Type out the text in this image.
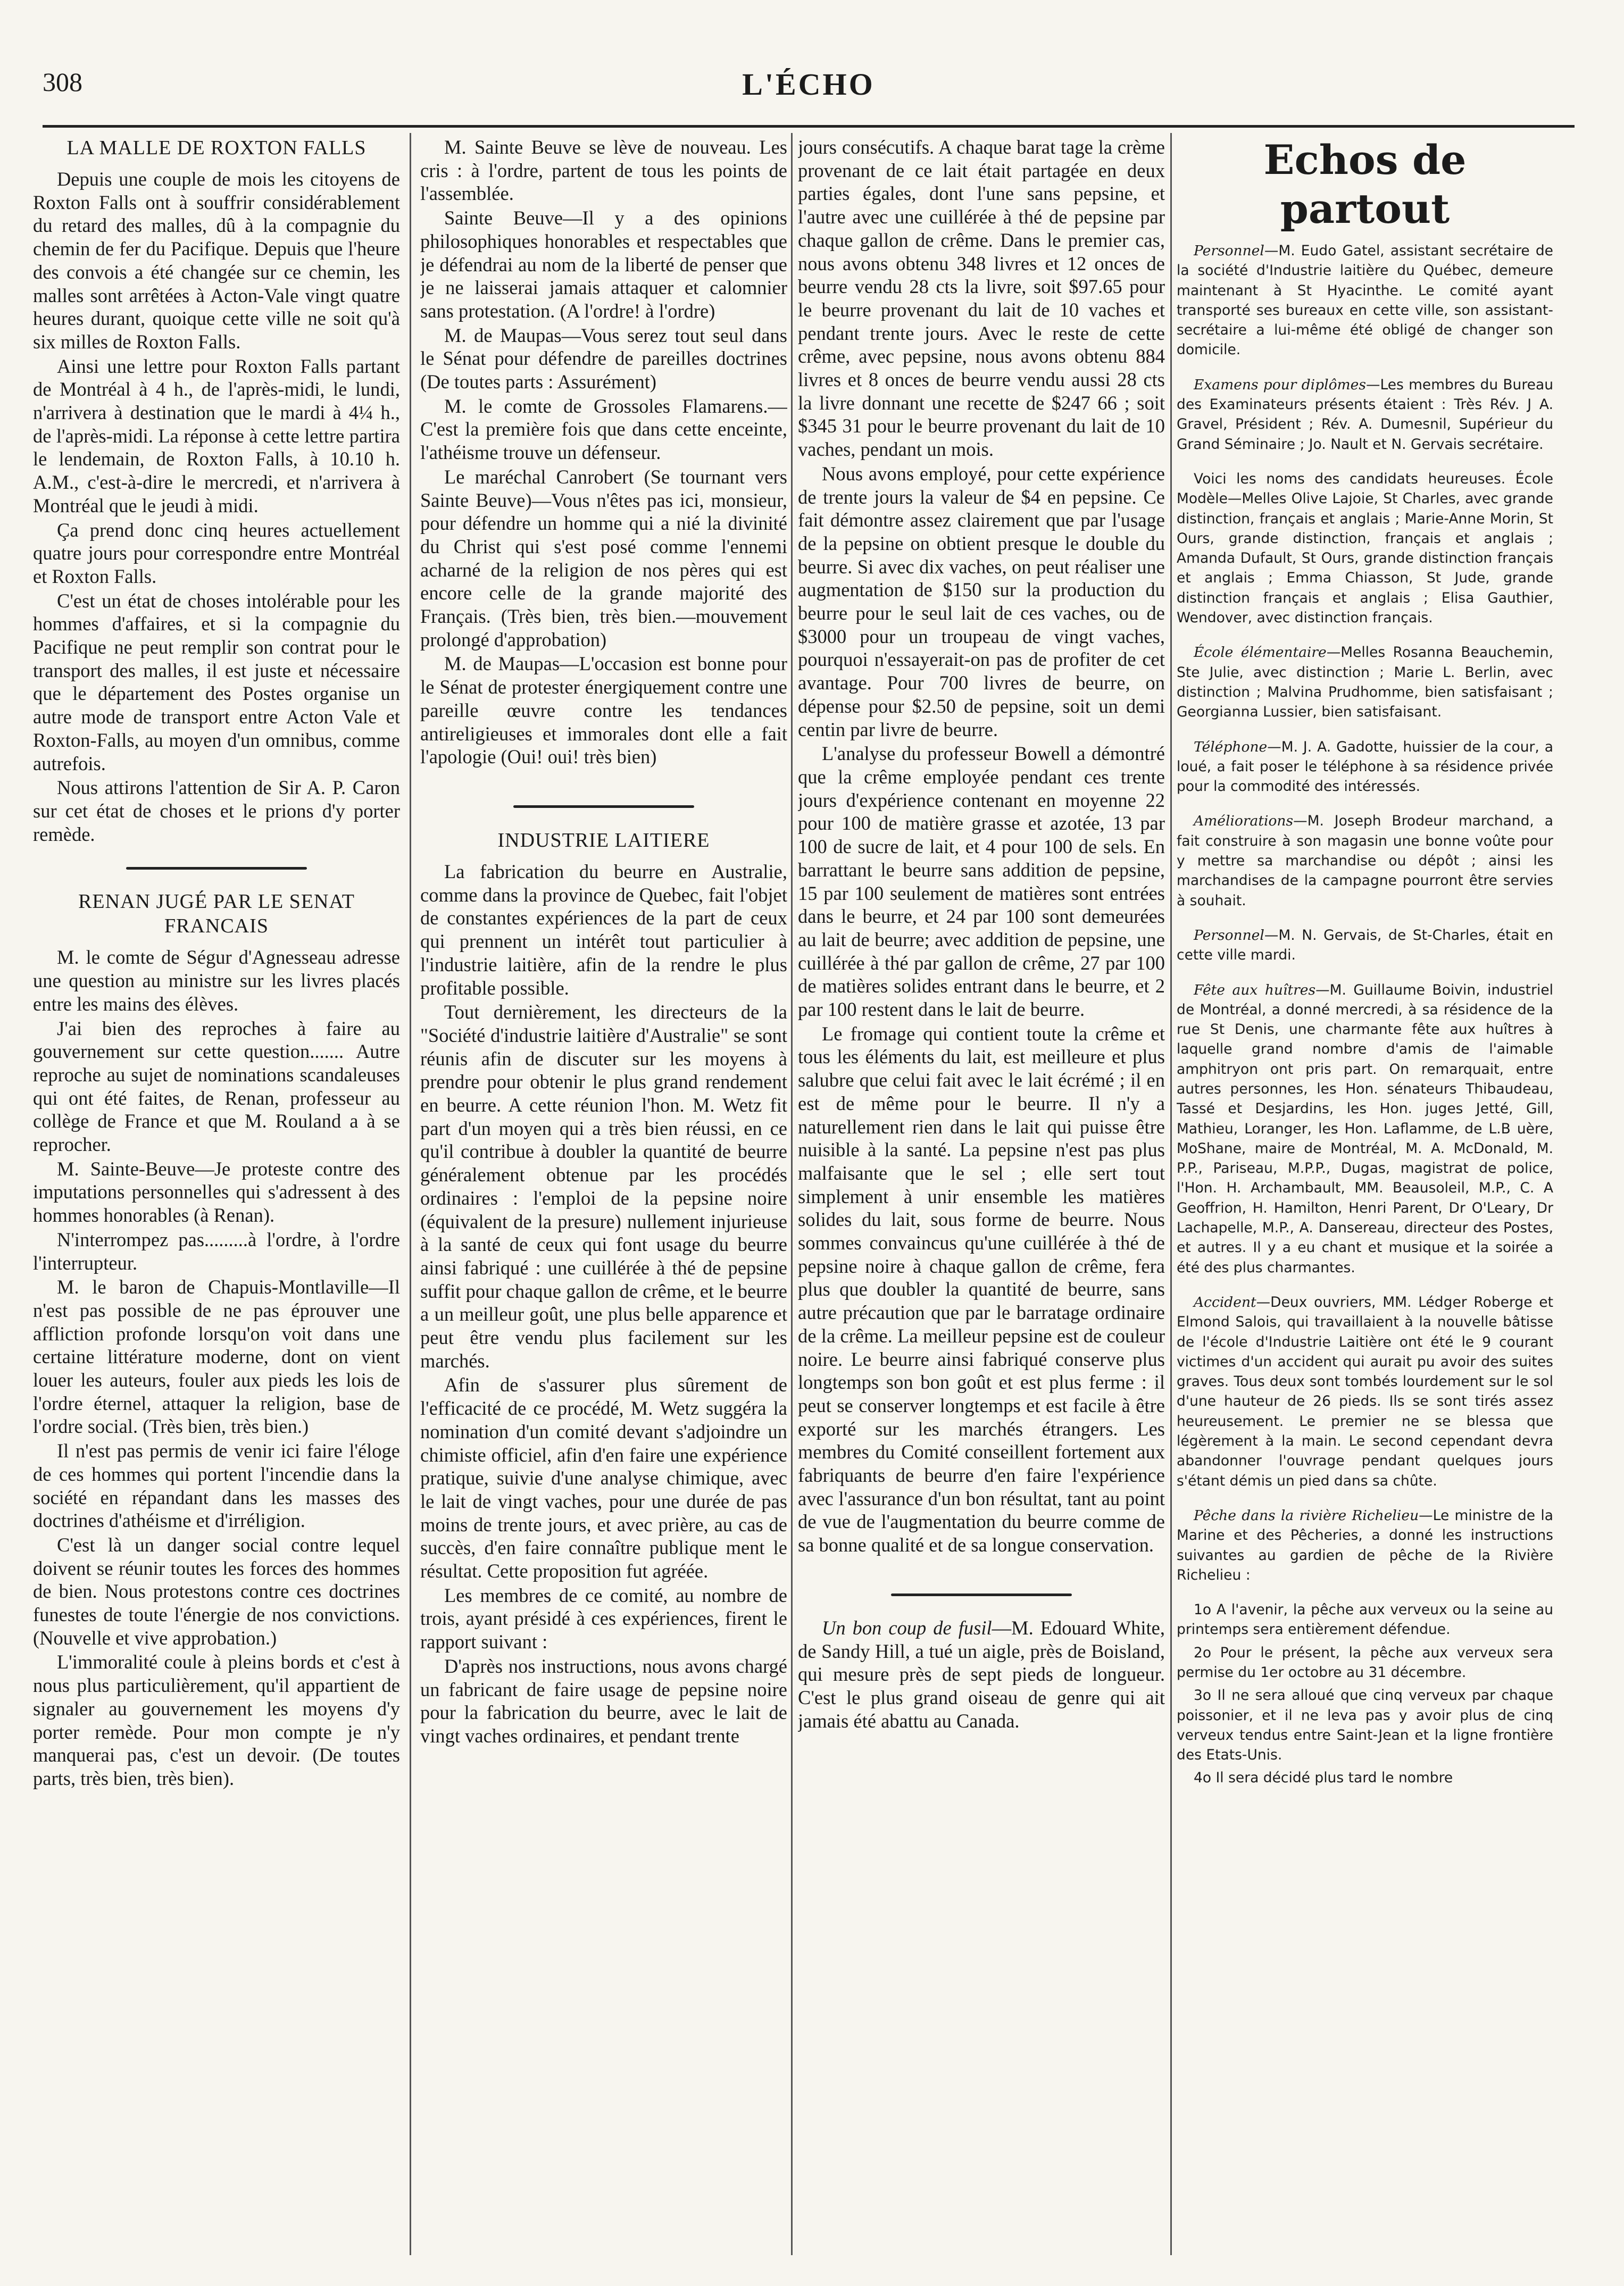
308	L'ÉCHO
LA MALLE DE ROXTON FALLS

Depuis une couple de mois les citoyens de Roxton Falls ont à souffrir considérablement du retard des malles, dû à la compagnie du chemin de fer du Pacifique. Depuis que l'heure des convois a été changée sur ce chemin, les malles sont arrêtées à Acton-Vale vingt quatre heures durant, quoique cette ville ne soit qu'à six milles de Roxton Falls.

Ainsi une lettre pour Roxton Falls partant de Montréal à 4 h., de l'après-midi, le lundi, n'arrivera à destination que le mardi à 4¼ h., de l'après-midi. La réponse à cette lettre partira le lendemain, de Roxton Falls, à 10.10 h. A.M., c'est-à-dire le mercredi, et n'arrivera à Montréal que le jeudi à midi.

Ça prend donc cinq heures actuellement quatre jours pour correspondre entre Montréal et Roxton Falls.

C'est un état de choses intolérable pour les hommes d'affaires, et si la compagnie du Pacifique ne peut remplir son contrat pour le transport des malles, il est juste et nécessaire que le département des Postes organise un autre mode de transport entre Acton Vale et Roxton-Falls, au moyen d'un omnibus, comme autrefois.

Nous attirons l'attention de Sir A. P. Caron sur cet état de choses et le prions d'y porter remède.

RENAN JUGÉ PAR LE SENAT FRANCAIS

M. le comte de Ségur d'Agnesseau adresse une question au ministre sur les livres placés entre les mains des élèves.

J'ai bien des reproches à faire au gouvernement sur cette question....... Autre reproche au sujet de nominations scandaleuses qui ont été faites, de Renan, professeur au collège de France et que M. Rouland a à se reprocher.

M. Sainte-Beuve—Je proteste contre des imputations personnelles qui s'adressent à des hommes honorables (à Renan).

N'interrompez pas.........à l'ordre, à l'ordre l'interrupteur.

M. le baron de Chapuis-Montlaville—Il n'est pas possible de ne pas éprouver une affliction profonde lorsqu'on voit dans une certaine littérature moderne, dont on vient louer les auteurs, fouler aux pieds les lois de l'ordre éternel, attaquer la religion, base de l'ordre social. (Très bien, très bien.)

Il n'est pas permis de venir ici faire l'éloge de ces hommes qui portent l'incendie dans la société en répandant dans les masses des doctrines d'athéisme et d'irréligion.

C'est là un danger social contre lequel doivent se réunir toutes les forces des hommes de bien. Nous protestons contre ces doctrines funestes de toute l'énergie de nos convictions. (Nouvelle et vive approbation.)

L'immoralité coule à pleins bords et c'est à nous plus particulièrement, qu'il appartient de signaler au gouvernement les moyens d'y porter remède. Pour mon compte je n'y manquerai pas, c'est un devoir. (De toutes parts, très bien, très bien).

M. Sainte Beuve se lève de nouveau. Les cris : à l'ordre, partent de tous les points de l'assemblée.

Sainte Beuve—Il y a des opinions philosophiques honorables et respectables que je défendrai au nom de la liberté de penser que je ne laisserai jamais attaquer et calomnier sans protestation. (A l'ordre! à l'ordre)

M. de Maupas—Vous serez tout seul dans le Sénat pour défendre de pareilles doctrines (De toutes parts : Assurément)

M. le comte de Grossoles Flamarens.—C'est la première fois que dans cette enceinte, l'athéisme trouve un défenseur.

Le maréchal Canrobert (Se tournant vers Sainte Beuve)—Vous n'êtes pas ici, monsieur, pour défendre un homme qui a nié la divinité du Christ qui s'est posé comme l'ennemi acharné de la religion de nos pères qui est encore celle de la grande majorité des Français. (Très bien, très bien.—mouvement prolongé d'approbation)

M. de Maupas—L'occasion est bonne pour le Sénat de protester énergiquement contre une pareille œuvre contre les tendances antireligieuses et immorales dont elle a fait l'apologie (Oui! oui! très bien)

INDUSTRIE LAITIERE

La fabrication du beurre en Australie, comme dans la province de Quebec, fait l'objet de constantes expériences de la part de ceux qui prennent un intérêt tout particulier à l'industrie laitière, afin de la rendre le plus profitable possible.

Tout dernièrement, les directeurs de la "Société d'industrie laitière d'Australie" se sont réunis afin de discuter sur les moyens à prendre pour obtenir le plus grand rendement en beurre. A cette réunion l'hon. M. Wetz fit part d'un moyen qui a très bien réussi, en ce qu'il contribue à doubler la quantité de beurre généralement obtenue par les procédés ordinaires : l'emploi de la pepsine noire (équivalent de la presure) nullement injurieuse à la santé de ceux qui font usage du beurre ainsi fabriqué : une cuillérée à thé de pepsine suffit pour chaque gallon de crême, et le beurre a un meilleur goût, une plus belle apparence et peut être vendu plus facilement sur les marchés.

Afin de s'assurer plus sûrement de l'efficacité de ce procédé, M. Wetz suggéra la nomination d'un comité devant s'adjoindre un chimiste officiel, afin d'en faire une expérience pratique, suivie d'une analyse chimique, avec le lait de vingt vaches, pour une durée de pas moins de trente jours, et avec prière, au cas de succès, d'en faire connaître publique ment le résultat. Cette proposition fut agréée.

Les membres de ce comité, au nombre de trois, ayant présidé à ces expériences, firent le rapport suivant :

D'après nos instructions, nous avons chargé un fabricant de faire usage de pepsine noire pour la fabrication du beurre, avec le lait de vingt vaches ordinaires, et pendant trente

jours consécutifs. A chaque barat tage la crème provenant de ce lait était partagée en deux parties égales, dont l'une sans pepsine, et l'autre avec une cuillérée à thé de pepsine par chaque gallon de crême. Dans le premier cas, nous avons obtenu 348 livres et 12 onces de beurre vendu 28 cts la livre, soit $97.65 pour le beurre provenant du lait de 10 vaches et pendant trente jours. Avec le reste de cette crême, avec pepsine, nous avons obtenu 884 livres et 8 onces de beurre vendu aussi 28 cts la livre donnant une recette de $247 66 ; soit $345 31 pour le beurre provenant du lait de 10 vaches, pendant un mois.

Nous avons employé, pour cette expérience de trente jours la valeur de $4 en pepsine. Ce fait démontre assez clairement que par l'usage de la pepsine on obtient presque le double du beurre. Si avec dix vaches, on peut réaliser une augmentation de $150 sur la production du beurre pour le seul lait de ces vaches, ou de $3000 pour un troupeau de vingt vaches, pourquoi n'essayerait-on pas de profiter de cet avantage. Pour 700 livres de beurre, on dépense pour $2.50 de pepsine, soit un demi centin par livre de beurre.

L'analyse du professeur Bowell a démontré que la crême employée pendant ces trente jours d'expérience contenant en moyenne 22 pour 100 de matière grasse et azotée, 13 par 100 de sucre de lait, et 4 pour 100 de sels. En barrattant le beurre sans addition de pepsine, 15 par 100 seulement de matières sont entrées dans le beurre, et 24 par 100 sont demeurées au lait de beurre; avec addition de pepsine, une cuillérée à thé par gallon de crême, 27 par 100 de matières solides entrant dans le beurre, et 2 par 100 restent dans le lait de beurre.

Le fromage qui contient toute la crême et tous les éléments du lait, est meilleure et plus salubre que celui fait avec le lait écrémé ; il en est de même pour le beurre. Il n'y a naturellement rien dans le lait qui puisse être nuisible à la santé. La pepsine n'est pas plus malfaisante que le sel ; elle sert tout simplement à unir ensemble les matières solides du lait, sous forme de beurre. Nous sommes convaincus qu'une cuillérée à thé de pepsine noire à chaque gallon de crême, fera plus que doubler la quantité de beurre, sans autre précaution que par le barratage ordinaire de la crême. La meilleur pepsine est de couleur noire. Le beurre ainsi fabriqué conserve plus longtemps son bon goût et est plus ferme : il peut se conserver longtemps et est facile à être exporté sur les marchés étrangers. Les membres du Comité conseillent fortement aux fabriquants de beurre d'en faire l'expérience avec l'assurance d'un bon résultat, tant au point de vue de l'augmentation du beurre comme de sa bonne qualité et de sa longue conservation.

Un bon coup de fusil—M. Edouard White, de Sandy Hill, a tué un aigle, près de Boisland, qui mesure près de sept pieds de longueur. C'est le plus grand oiseau de genre qui ait jamais été abattu au Canada.

Echos de partout

Personnel—M. Eudo Gatel, assistant secrétaire de la société d'Industrie laitière du Québec, demeure maintenant à St Hyacinthe. Le comité ayant transporté ses bureaux en cette ville, son assistant-secrétaire a lui-même été obligé de changer son domicile.

Examens pour diplômes—Les membres du Bureau des Examinateurs présents étaient : Très Rév. J A. Gravel, Président ; Rév. A. Dumesnil, Supérieur du Grand Séminaire ; Jo. Nault et N. Gervais secrétaire.

Voici les noms des candidats heureuses. École Modèle—Melles Olive Lajoie, St Charles, avec grande distinction, français et anglais ; Marie-Anne Morin, St Ours, grande distinction, français et anglais ; Amanda Dufault, St Ours, grande distinction français et anglais ; Emma Chiasson, St Jude, grande distinction français et anglais ; Elisa Gauthier, Wendover, avec distinction français.

École élémentaire—Melles Rosanna Beauchemin, Ste Julie, avec distinction ; Marie L. Berlin, avec distinction ; Malvina Prudhomme, bien satisfaisant ; Georgianna Lussier, bien satisfaisant.

Téléphone—M. J. A. Gadotte, huissier de la cour, a loué, a fait poser le téléphone à sa résidence privée pour la commodité des intéressés.

Améliorations—M. Joseph Brodeur marchand, a fait construire à son magasin une bonne voûte pour y mettre sa marchandise ou dépôt ; ainsi les marchandises de la campagne pourront être servies à souhait.

Personnel—M. N. Gervais, de St-Charles, était en cette ville mardi.

Fête aux huîtres—M. Guillaume Boivin, industriel de Montréal, a donné mercredi, à sa résidence de la rue St Denis, une charmante fête aux huîtres à laquelle grand nombre d'amis de l'aimable amphitryon ont pris part. On remarquait, entre autres personnes, les Hon. sénateurs Thibaudeau, Tassé et Desjardins, les Hon. juges Jetté, Gill, Mathieu, Loranger, les Hon. Laflamme, de L.B uère, MoShane, maire de Montréal, M. A. McDonald, M. P.P., Pariseau, M.P.P., Dugas, magistrat de police, l'Hon. H. Archambault, MM. Beausoleil, M.P., C. A Geoffrion, H. Hamilton, Henri Parent, Dr O'Leary, Dr Lachapelle, M.P., A. Dansereau, directeur des Postes, et autres. Il y a eu chant et musique et la soirée a été des plus charmantes.

Accident—Deux ouvriers, MM. Lédger Roberge et Elmond Salois, qui travaillaient à la nouvelle bâtisse de l'école d'Industrie Laitière ont été le 9 courant victimes d'un accident qui aurait pu avoir des suites graves. Tous deux sont tombés lourdement sur le sol d'une hauteur de 26 pieds. Ils se sont tirés assez heureusement. Le premier ne se blessa que légèrement à la main. Le second cependant devra abandonner l'ouvrage pendant quelques jours s'étant démis un pied dans sa chûte.

Pêche dans la rivière Richelieu—Le ministre de la Marine et des Pêcheries, a donné les instructions suivantes au gardien de pêche de la Rivière Richelieu :

1o A l'avenir, la pêche aux verveux ou la seine au printemps sera entièrement défendue.

2o Pour le présent, la pêche aux verveux sera permise du 1er octobre au 31 décembre.

3o Il ne sera alloué que cinq verveux par chaque poissonier, et il ne leva pas y avoir plus de cinq verveux tendus entre Saint-Jean et la ligne frontière des Etats-Unis.

4o Il sera décidé plus tard le nombre
